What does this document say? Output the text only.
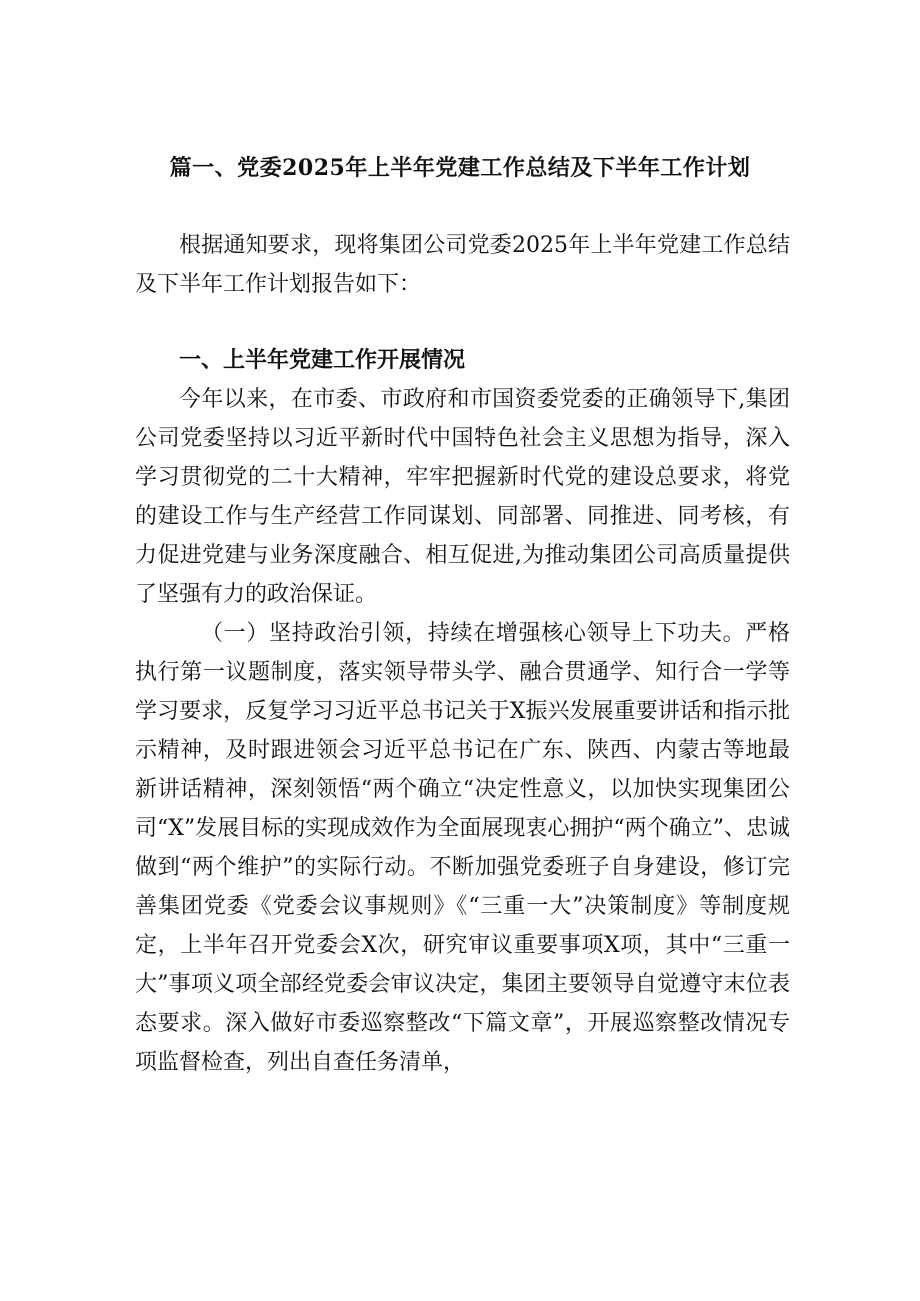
篇一、党委2025年上半年党建工作总结及下半年工作计划

根据通知要求，现将集团公司党委2025年上半年党建工作总结及下半年工作计划报告如下：

一、上半年党建工作开展情况

今年以来，在市委、市政府和市国资委党委的正确领导下,集团公司党委坚持以习近平新时代中国特色社会主义思想为指导，深入学习贯彻党的二十大精神，牢牢把握新时代党的建设总要求，将党的建设工作与生产经营工作同谋划、同部署、同推进、同考核，有力促进党建与业务深度融合、相互促进,为推动集团公司高质量提供了坚强有力的政治保证。

（一）坚持政治引领，持续在增强核心领导上下功夫。严格执行第一议题制度，落实领导带头学、融合贯通学、知行合一学等学习要求，反复学习习近平总书记关于X振兴发展重要讲话和指示批示精神，及时跟进领会习近平总书记在广东、陕西、内蒙古等地最新讲话精神，深刻领悟“两个确立“决定性意义，以加快实现集团公司“X”发展目标的实现成效作为全面展现衷心拥护“两个确立”、忠诚做到“两个维护”的实际行动。不断加强党委班子自身建设，修订完善集团党委《党委会议事规则》《“三重一大”决策制度》等制度规定，上半年召开党委会X次，研究审议重要事项X项，其中“三重一大”事项义项全部经党委会审议决定，集团主要领导自觉遵守末位表态要求。深入做好市委巡察整改“下篇文章”，开展巡察整改情况专项监督检查，列出自查任务清单，
